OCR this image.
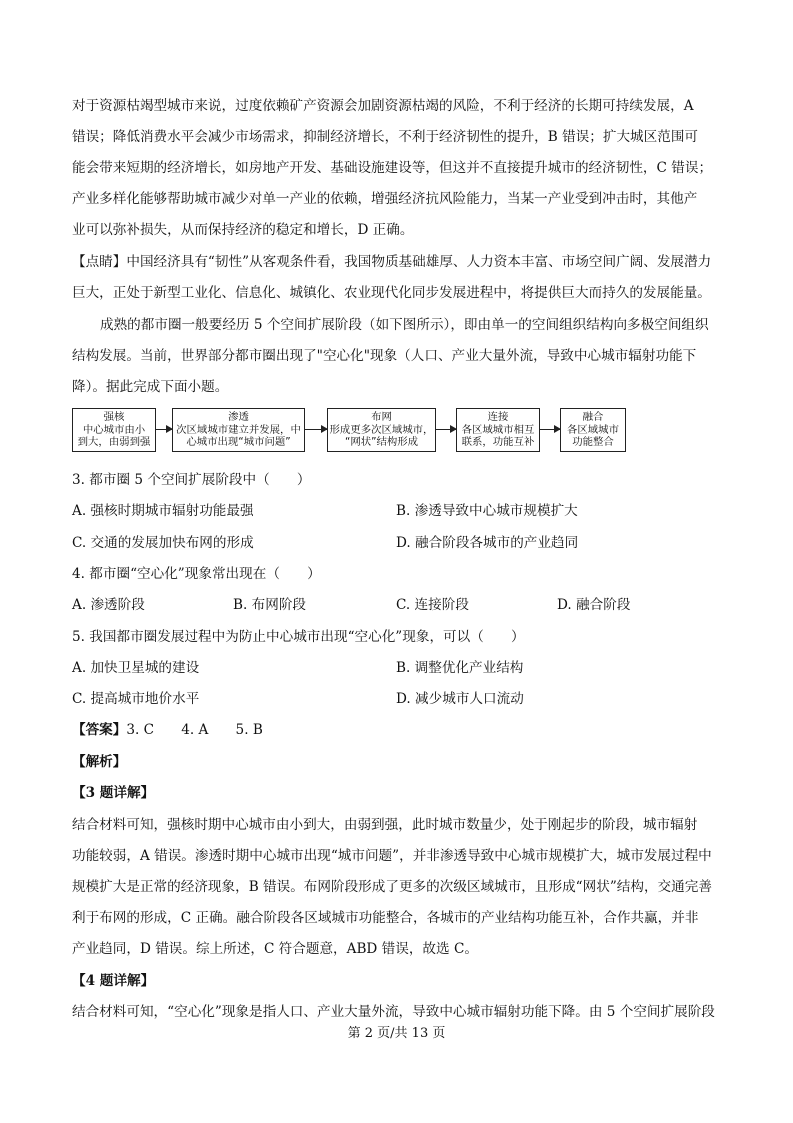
对于资源枯竭型城市来说，过度依赖矿产资源会加剧资源枯竭的风险，不利于经济的长期可持续发展，A
错误；降低消费水平会减少市场需求，抑制经济增长，不利于经济韧性的提升，B 错误；扩大城区范围可
能会带来短期的经济增长，如房地产开发、基础设施建设等，但这并不直接提升城市的经济韧性，C 错误；
产业多样化能够帮助城市减少对单一产业的依赖，增强经济抗风险能力，当某一产业受到冲击时，其他产
业可以弥补损失，从而保持经济的稳定和增长，D 正确。
【点睛】中国经济具有“韧性”从客观条件看，我国物质基础雄厚、人力资本丰富、市场空间广阔、发展潜力
巨大，正处于新型工业化、信息化、城镇化、农业现代化同步发展进程中，将提供巨大而持久的发展能量。
成熟的都市圈一般要经历 5 个空间扩展阶段（如下图所示），即由单一的空间组织结构向多极空间组织
结构发展。当前，世界部分都市圈出现了"空心化"现象（人口、产业大量外流，导致中心城市辐射功能下
降）。据此完成下面小题。
强核
中心城市由小
到大，由弱到强
渗透
次区域城市建立并发展，中
心城市出现“城市问题”
布网
形成更多次区域城市，
“网状”结构形成
连接
各区域城市相互
联系，功能互补
融合
各区域城市
功能整合
3. 都市圈 5 个空间扩展阶段中（　　）
A. 强核时期城市辐射功能最强	B. 渗透导致中心城市规模扩大
C. 交通的发展加快布网的形成	D. 融合阶段各城市的产业趋同
4. 都市圈“空心化”现象常出现在（　　）
A. 渗透阶段	B. 布网阶段	C. 连接阶段	D. 融合阶段
5. 我国都市圈发展过程中为防止中心城市出现“空心化”现象，可以（　　）
A. 加快卫星城的建设	B. 调整优化产业结构
C. 提高城市地价水平	D. 减少城市人口流动
【答案】3. C　　4. A　　5. B
【解析】
【3 题详解】
结合材料可知，强核时期中心城市由小到大，由弱到强，此时城市数量少，处于刚起步的阶段，城市辐射
功能较弱，A 错误。渗透时期中心城市出现“城市问题”，并非渗透导致中心城市规模扩大，城市发展过程中
规模扩大是正常的经济现象，B 错误。布网阶段形成了更多的次级区域城市，且形成“网状”结构，交通完善
利于布网的形成，C 正确。融合阶段各区域城市功能整合，各城市的产业结构功能互补，合作共赢，并非
产业趋同，D 错误。综上所述，C 符合题意，ABD 错误，故选 C。
【4 题详解】
结合材料可知，“空心化”现象是指人口、产业大量外流，导致中心城市辐射功能下降。由 5 个空间扩展阶段
第 2 页/共 13 页
